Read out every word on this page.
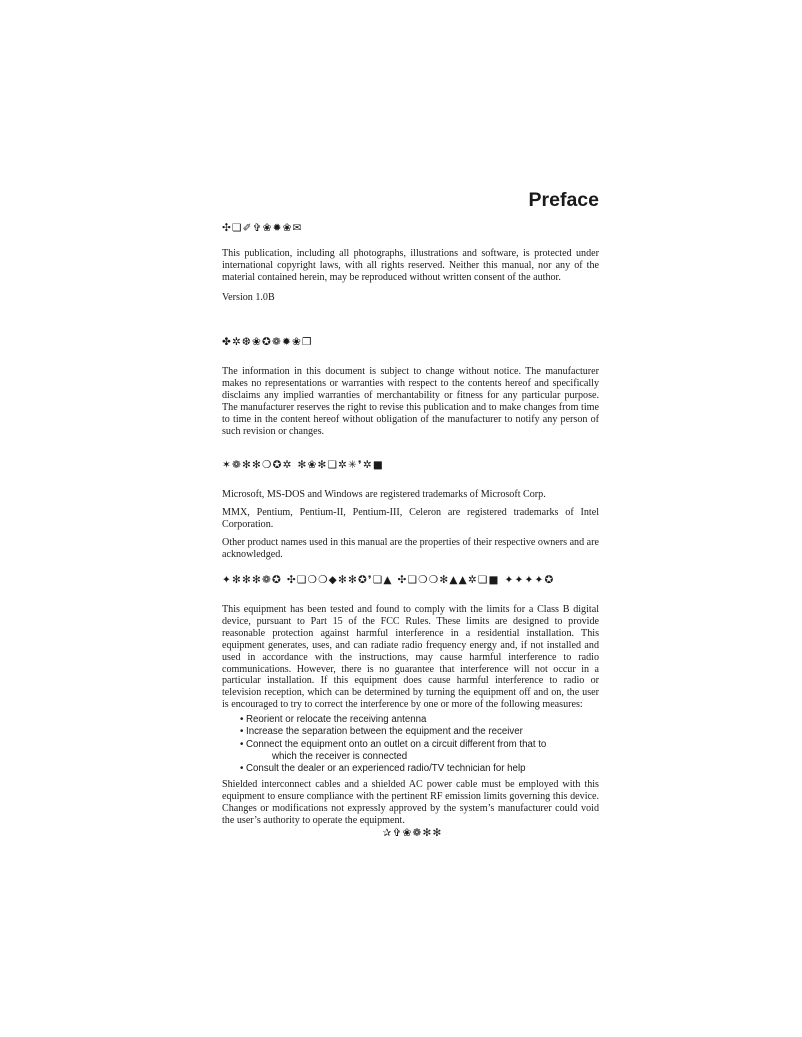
Preface
✣❏✐✞❀✹❀✉

This publication, including all photographs, illustrations and software, is protected under international copyright laws, with all rights reserved. Neither this manual, nor any of the material contained herein, may be reproduced without written consent of the author.

Version 1.0B

✤✲❆❀✪❁✹❀❒

The information in this document is subject to change without notice. The manufacturer makes no representations or warranties with respect to the contents hereof and specifically disclaims any implied warranties of merchantability or fitness for any particular purpose. The manufacturer reserves the right to revise this publication and to make changes from time to time in the content hereof without obligation of the manufacturer to notify any person of such revision or changes.

✶❁✻✻❍✪✲ ✻❀✻❏✲✳❜✲■

Microsoft, MS-DOS and Windows are registered trademarks of Microsoft Corp.

MMX, Pentium, Pentium-II, Pentium-III, Celeron are registered trademarks of Intel Corporation.

Other product names used in this manual are the properties of their respective owners and are acknowledged.

✦✻✻✻❁✪ ✣❏❍❍◆✻✻✪❜❏▲ ✣❏❍❍✻▲▲✲❏■ ✦✦✦✦✪

This equipment has been tested and found to comply with the limits for a Class B digital device, pursuant to Part 15 of the FCC Rules. These limits are designed to provide reasonable protection against harmful interference in a residential installation. This equipment generates, uses, and can radiate radio frequency energy and, if not installed and used in accordance with the instructions, may cause harmful interference to radio communications. However, there is no guarantee that interference will not occur in a particular installation. If this equipment does cause harmful interference to radio or television reception, which can be determined by turning the equipment off and on, the user is encouraged to try to correct the interference by one or more of the following measures:

• Reorient or relocate the receiving antenna
• Increase the separation between the equipment and the receiver
• Connect the equipment onto an outlet on a circuit different from that to
which the receiver is connected
• Consult the dealer or an experienced radio/TV technician for help

Shielded interconnect cables and a shielded AC power cable must be employed with this equipment to ensure compliance with the pertinent RF emission limits governing this device. Changes or modifications not expressly approved by the system’s manufacturer could void the user’s authority to operate the equipment.

✰✞❀❁✻✻
